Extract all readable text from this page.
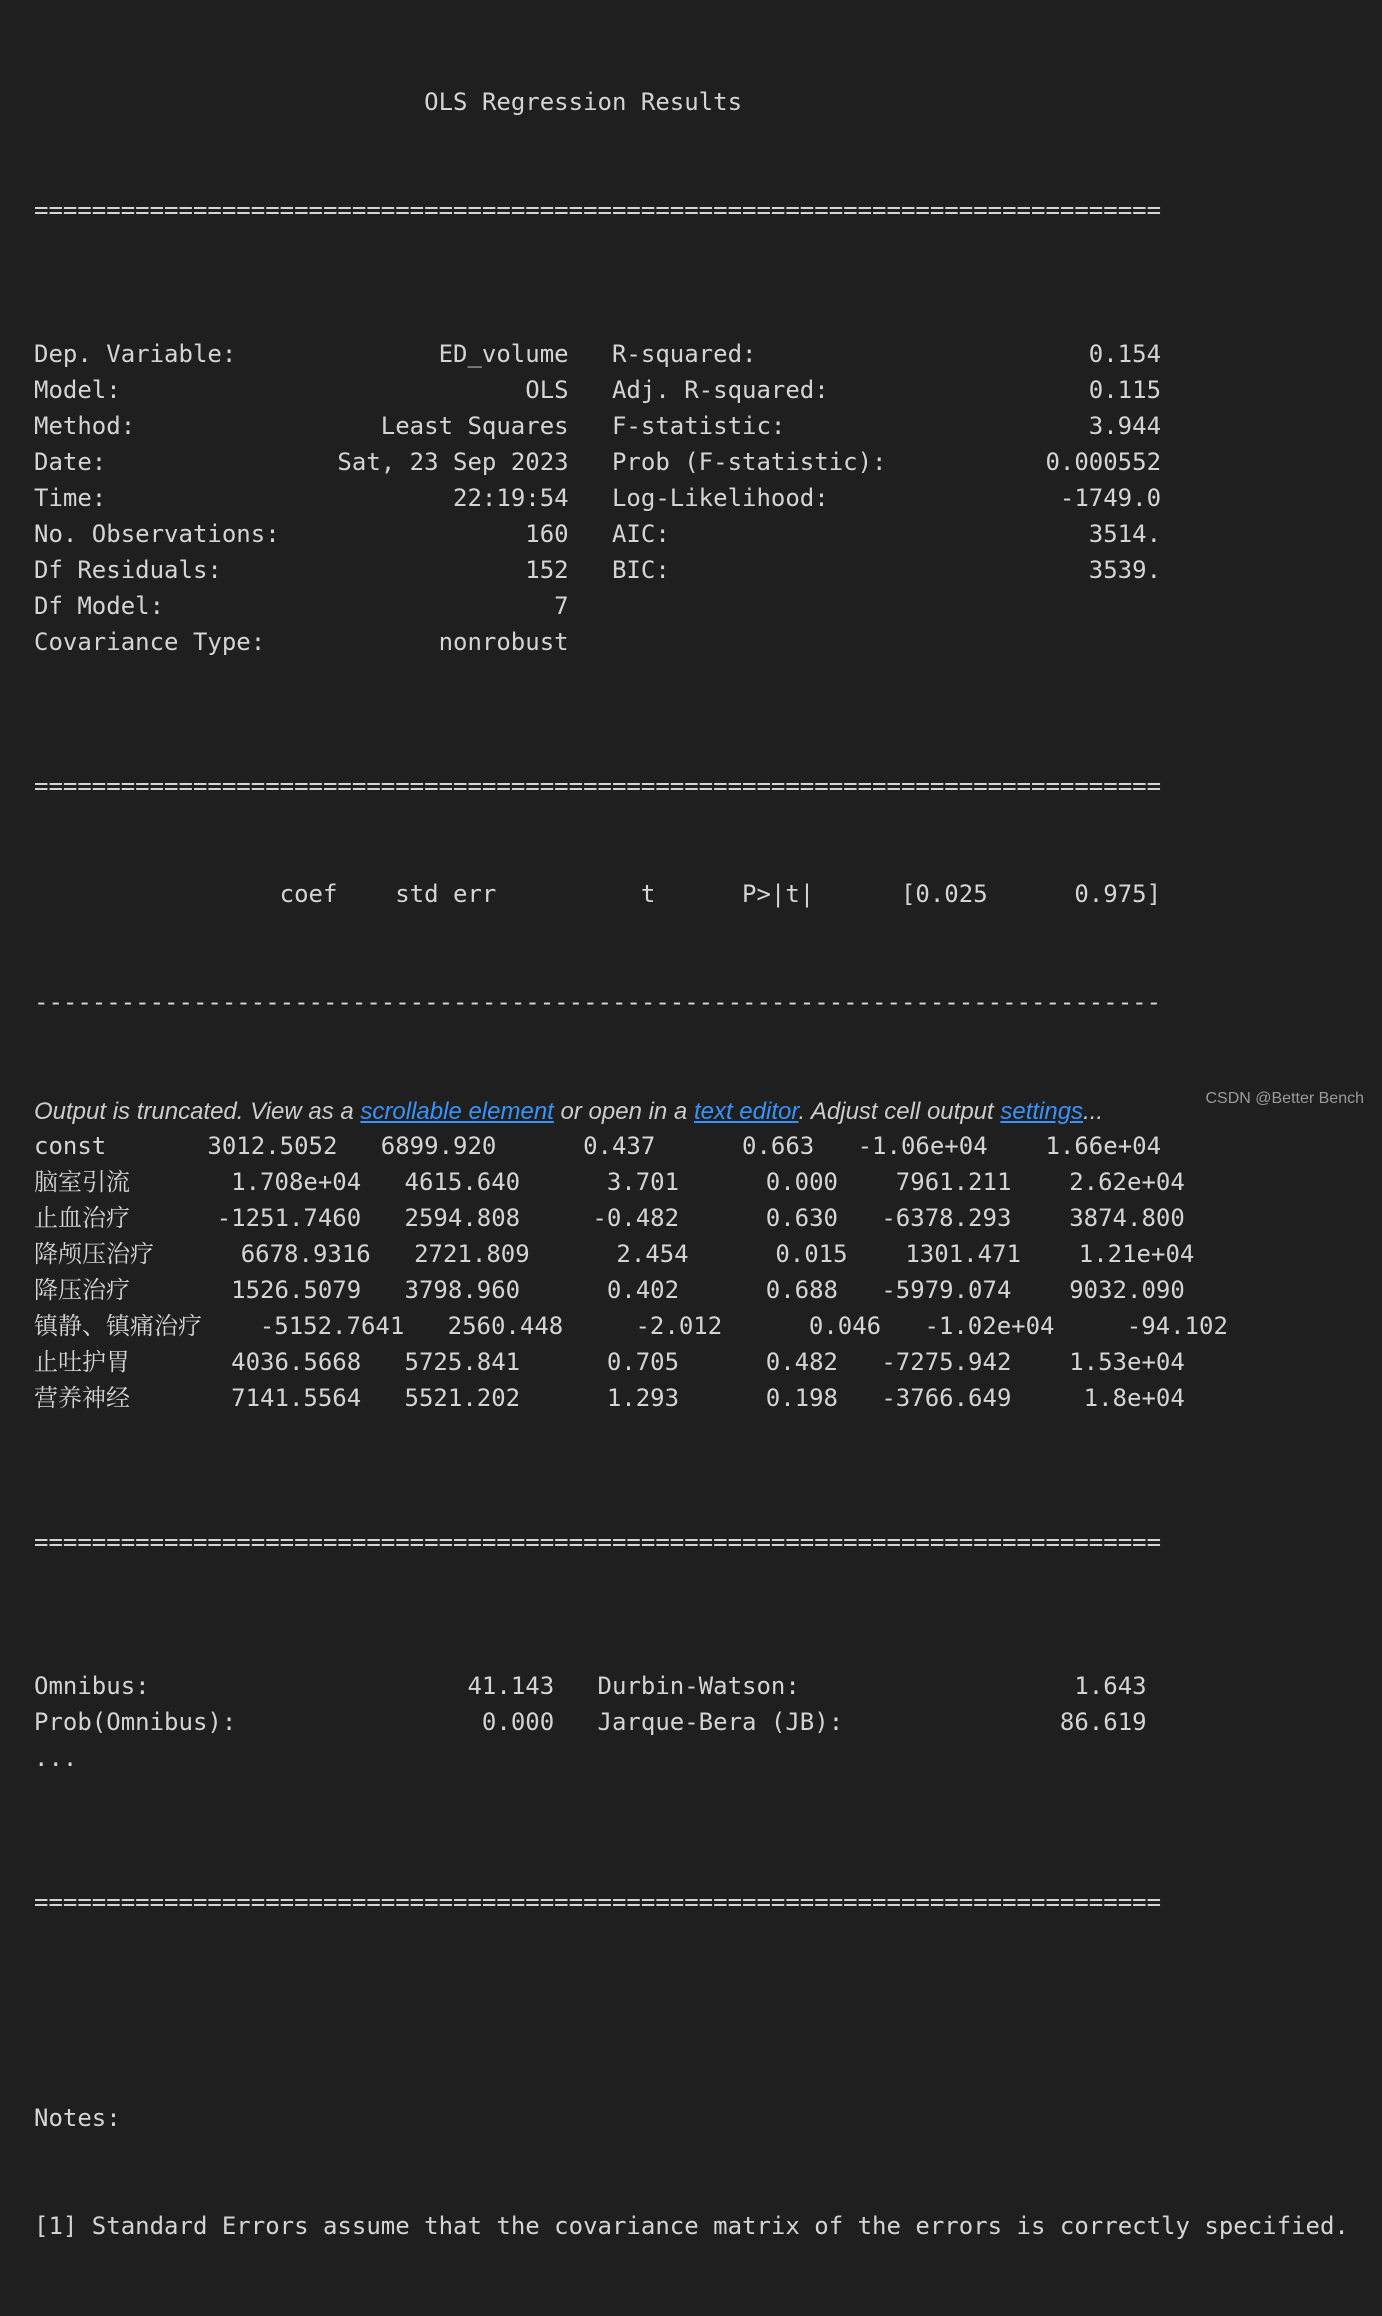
OLS Regression Results

==============================================================================

Dep. Variable:	ED_volume R-squared:	0.154
Model:	OLS Adj. R-squared:	0.115
Method:	Least Squares F-statistic:	3.944
Date:	Sat, 23 Sep 2023 Prob (F-statistic):	0.000552
Time:	22:19:54 Log-Likelihood:	-1749.0
No. Observations:	160 AIC:	3514.
Df Residuals:	152 BIC:	3539.
Df Model:	7
Covariance Type:	nonrobust

==============================================================================

coef    std err          t      P>|t|      [0.025      0.975]

------------------------------------------------------------------------------

const       3012.5052   6899.920      0.437      0.663   -1.06e+04    1.66e+04
脑室引流       1.708e+04   4615.640      3.701      0.000    7961.211    2.62e+04
止血治疗      -1251.7460   2594.808     -0.482      0.630   -6378.293    3874.800
降颅压治疗      6678.9316   2721.809      2.454      0.015    1301.471    1.21e+04
降压治疗       1526.5079   3798.960      0.402      0.688   -5979.074    9032.090
镇静、镇痛治疗    -5152.7641   2560.448     -2.012      0.046   -1.02e+04     -94.102
止吐护胃       4036.5668   5725.841      0.705      0.482   -7275.942    1.53e+04
营养神经       7141.5564   5521.202      1.293      0.198   -3766.649     1.8e+04

==============================================================================

Omnibus:                      41.143   Durbin-Watson:                   1.643
Prob(Omnibus):                 0.000   Jarque-Bera (JB):               86.619
...

==============================================================================

Notes:

[1] Standard Errors assume that the covariance matrix of the errors is correctly specified.

Output is truncated. View as a scrollable element or open in a text editor. Adjust cell output settings...	CSDN @Better Bench
